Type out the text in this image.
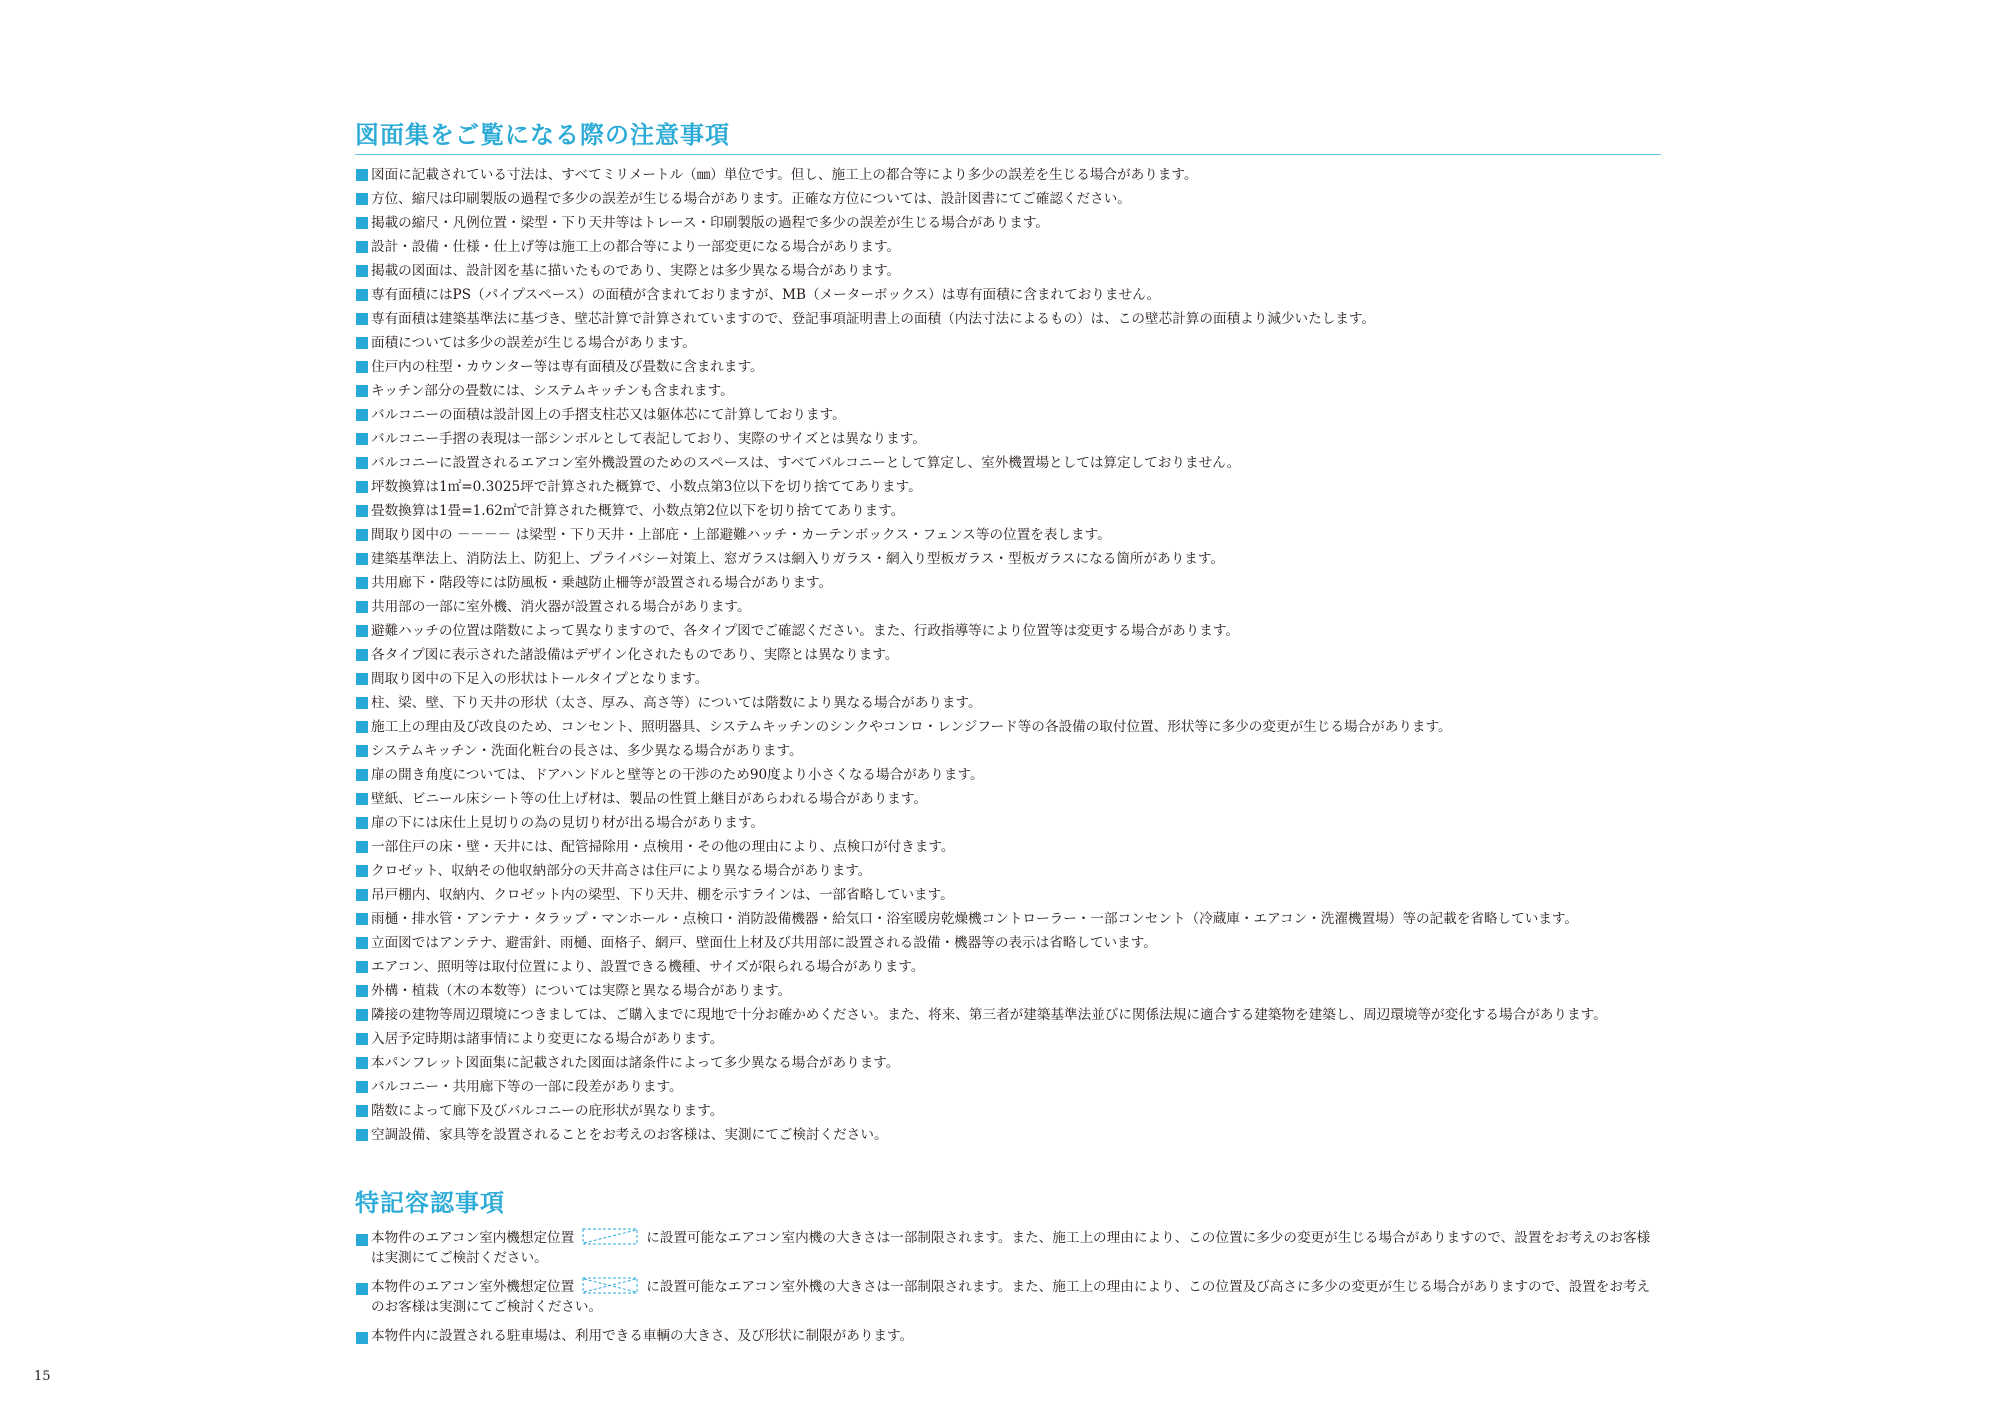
図面集をご覧になる際の注意事項
図面に記載されている寸法は、すべてミリメートル（㎜）単位です。但し、施工上の都合等により多少の誤差を生じる場合があります。
方位、縮尺は印刷製版の過程で多少の誤差が生じる場合があります。正確な方位については、設計図書にてご確認ください。
掲載の縮尺・凡例位置・梁型・下り天井等はトレース・印刷製版の過程で多少の誤差が生じる場合があります。
設計・設備・仕様・仕上げ等は施工上の都合等により一部変更になる場合があります。
掲載の図面は、設計図を基に描いたものであり、実際とは多少異なる場合があります。
専有面積にはPS（パイプスペース）の面積が含まれておりますが、MB（メーターボックス）は専有面積に含まれておりません。
専有面積は建築基準法に基づき、壁芯計算で計算されていますので、登記事項証明書上の面積（内法寸法によるもの）は、この壁芯計算の面積より減少いたします。
面積については多少の誤差が生じる場合があります。
住戸内の柱型・カウンター等は専有面積及び畳数に含まれます。
キッチン部分の畳数には、システムキッチンも含まれます。
バルコニーの面積は設計図上の手摺支柱芯又は躯体芯にて計算しております。
バルコニー手摺の表現は一部シンボルとして表記しており、実際のサイズとは異なります。
バルコニーに設置されるエアコン室外機設置のためのスペースは、すべてバルコニーとして算定し、室外機置場としては算定しておりません。
坪数換算は1㎡=0.3025坪で計算された概算で、小数点第3位以下を切り捨ててあります。
畳数換算は1畳=1.62㎡で計算された概算で、小数点第2位以下を切り捨ててあります。
間取り図中の －－－－ は梁型・下り天井・上部庇・上部避難ハッチ・カーテンボックス・フェンス等の位置を表します。
建築基準法上、消防法上、防犯上、プライバシー対策上、窓ガラスは網入りガラス・網入り型板ガラス・型板ガラスになる箇所があります。
共用廊下・階段等には防風板・乗越防止柵等が設置される場合があります。
共用部の一部に室外機、消火器が設置される場合があります。
避難ハッチの位置は階数によって異なりますので、各タイプ図でご確認ください。また、行政指導等により位置等は変更する場合があります。
各タイプ図に表示された諸設備はデザイン化されたものであり、実際とは異なります。
間取り図中の下足入の形状はトールタイプとなります。
柱、梁、壁、下り天井の形状（太さ、厚み、高さ等）については階数により異なる場合があります。
施工上の理由及び改良のため、コンセント、照明器具、システムキッチンのシンクやコンロ・レンジフード等の各設備の取付位置、形状等に多少の変更が生じる場合があります。
システムキッチン・洗面化粧台の長さは、多少異なる場合があります。
扉の開き角度については、ドアハンドルと壁等との干渉のため90度より小さくなる場合があります。
壁紙、ビニール床シート等の仕上げ材は、製品の性質上継目があらわれる場合があります。
扉の下には床仕上見切りの為の見切り材が出る場合があります。
一部住戸の床・壁・天井には、配管掃除用・点検用・その他の理由により、点検口が付きます。
クロゼット、収納その他収納部分の天井高さは住戸により異なる場合があります。
吊戸棚内、収納内、クロゼット内の梁型、下り天井、棚を示すラインは、一部省略しています。
雨樋・排水管・アンテナ・タラップ・マンホール・点検口・消防設備機器・給気口・浴室暖房乾燥機コントローラー・一部コンセント（冷蔵庫・エアコン・洗濯機置場）等の記載を省略しています。
立面図ではアンテナ、避雷針、雨樋、面格子、網戸、壁面仕上材及び共用部に設置される設備・機器等の表示は省略しています。
エアコン、照明等は取付位置により、設置できる機種、サイズが限られる場合があります。
外構・植栽（木の本数等）については実際と異なる場合があります。
隣接の建物等周辺環境につきましては、ご購入までに現地で十分お確かめください。また、将来、第三者が建築基準法並びに関係法規に適合する建築物を建築し、周辺環境等が変化する場合があります。
入居予定時期は諸事情により変更になる場合があります。
本パンフレット図面集に記載された図面は諸条件によって多少異なる場合があります。
バルコニー・共用廊下等の一部に段差があります。
階数によって廊下及びバルコニーの庇形状が異なります。
空調設備、家具等を設置されることをお考えのお客様は、実測にてご検討ください。
特記容認事項
本物件のエアコン室内機想定位置	に設置可能なエアコン室内機の大きさは一部制限されます。また、施工上の理由により、この位置に多少の変更が生じる場合がありますので、設置をお考えのお客様は実測にてご検討ください。
本物件のエアコン室外機想定位置	に設置可能なエアコン室外機の大きさは一部制限されます。また、施工上の理由により、この位置及び高さに多少の変更が生じる場合がありますので、設置をお考えのお客様は実測にてご検討ください。
本物件内に設置される駐車場は、利用できる車輌の大きさ、及び形状に制限があります。
15
